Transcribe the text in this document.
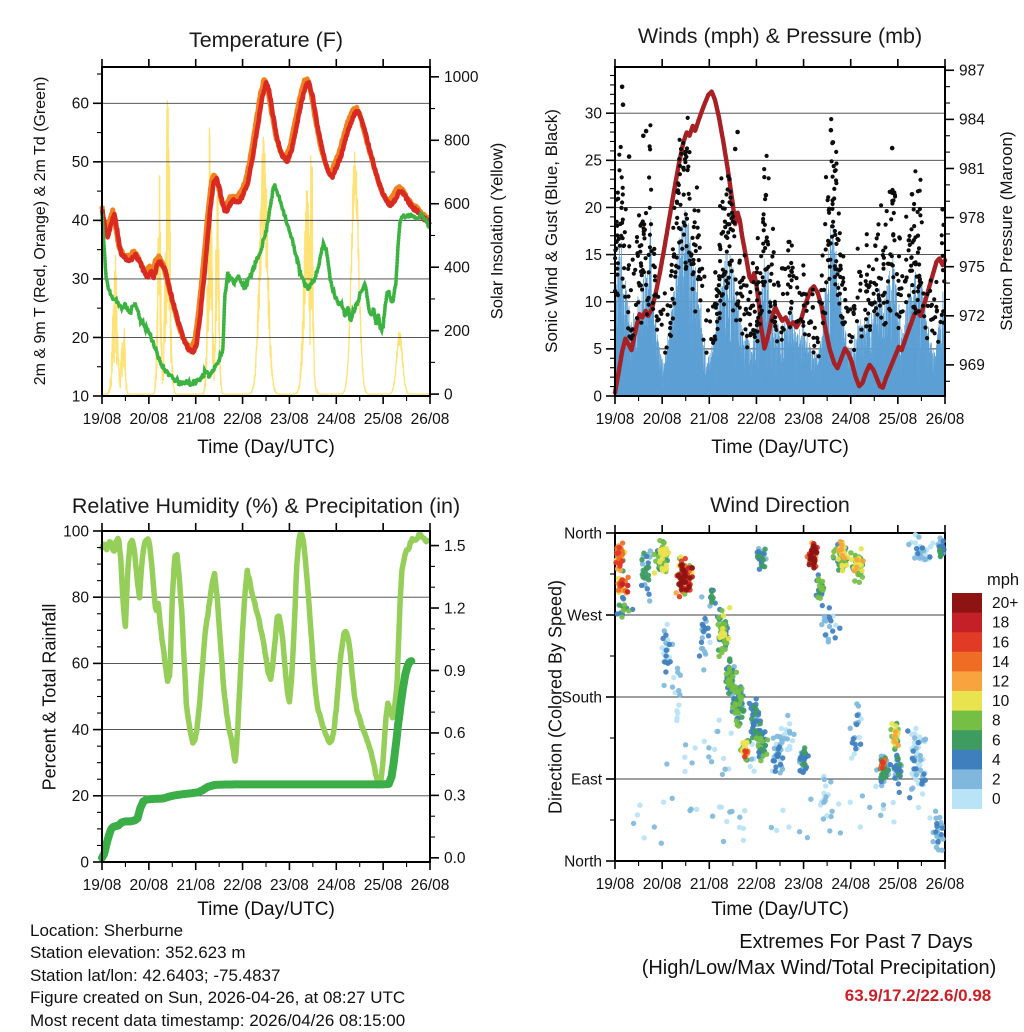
19/08 20/08 21/08 22/08 23/08 24/08 25/08 26/08
10
20
30
40
50
60
0
200
400
600
800
1000
19/08 20/08 21/08 22/08 23/08 24/08 25/08 26/08
0
5
10
15
20
25
30
969
972
975
978
981
984
987
19/08 20/08 21/08 22/08 23/08 24/08 25/08 26/08
0
20
40
60
80
100
0.0
0.3
0.6
0.9
1.2
1.5
19/08 20/08 21/08 22/08 23/08 24/08 25/08 26/08
North
West
South
East
North
20+
18
16
14
12
10
8
6
4
2
0
Temperature (F)	Winds (mph) & Pressure (mb)
Relative Humidity (%) & Precipitation (in)	Wind Direction
Time (Day/UTC)	Time (Day/UTC)
Time (Day/UTC)	Time (Day/UTC)
2m & 9m T (Red, Orange) & 2m Td (Green)	Solar Insolation (Yellow) Sonic Wind & Gust (Blue, Black)	Station Pressure (Maroon)
Percent & Total Rainfall	Direction (Colored By Speed)	mph
Location: Sherburne
Station elevation: 352.623 m
Station lat/lon: 42.6403; -75.4837
Figure created on Sun, 2026-04-26, at 08:27 UTC
Most recent data timestamp: 2026/04/26 08:15:00
Extremes For Past 7 Days
(High/Low/Max Wind/Total Precipitation)
63.9/17.2/22.6/0.98
